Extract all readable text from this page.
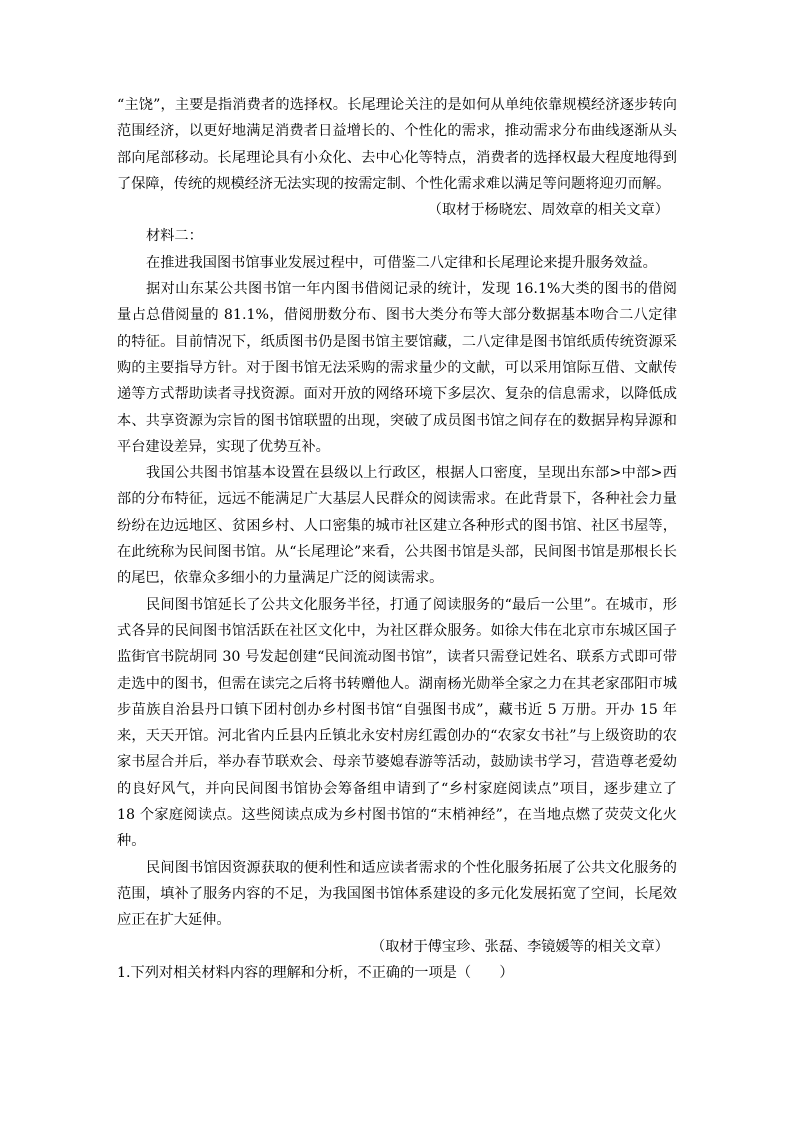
“主饶”，主要是指消费者的选择权。长尾理论关注的是如何从单纯依靠规模经济逐步转向范围经济，以更好地满足消费者日益增长的、个性化的需求，推动需求分布曲线逐渐从头部向尾部移动。长尾理论具有小众化、去中心化等特点，消费者的选择权最大程度地得到了保障，传统的规模经济无法实现的按需定制、个性化需求难以满足等问题将迎刃而解。

（取材于杨晓宏、周效章的相关文章）

材料二：

在推进我国图书馆事业发展过程中，可借鉴二八定律和长尾理论来提升服务效益。

据对山东某公共图书馆一年内图书借阅记录的统计，发现 16.1%大类的图书的借阅量占总借阅量的 81.1%，借阅册数分布、图书大类分布等大部分数据基本吻合二八定律的特征。目前情况下，纸质图书仍是图书馆主要馆藏，二八定律是图书馆纸质传统资源采购的主要指导方针。对于图书馆无法采购的需求量少的文献，可以采用馆际互借、文献传递等方式帮助读者寻找资源。面对开放的网络环境下多层次、复杂的信息需求，以降低成本、共享资源为宗旨的图书馆联盟的出现，突破了成员图书馆之间存在的数据异构异源和平台建设差异，实现了优势互补。

我国公共图书馆基本设置在县级以上行政区，根据人口密度，呈现出东部>中部>西部的分布特征，远远不能满足广大基层人民群众的阅读需求。在此背景下，各种社会力量纷纷在边远地区、贫困乡村、人口密集的城市社区建立各种形式的图书馆、社区书屋等，在此统称为民间图书馆。从“长尾理论”来看，公共图书馆是头部，民间图书馆是那根长长的尾巴，依靠众多细小的力量满足广泛的阅读需求。

民间图书馆延长了公共文化服务半径，打通了阅读服务的“最后一公里”。在城市，形式各异的民间图书馆活跃在社区文化中，为社区群众服务。如徐大伟在北京市东城区国子监街官书院胡同 30 号发起创建“民间流动图书馆”，读者只需登记姓名、联系方式即可带走选中的图书，但需在读完之后将书转赠他人。湖南杨光勋举全家之力在其老家邵阳市城步苗族自治县丹口镇下团村创办乡村图书馆“自强图书成”，藏书近 5 万册。开办 15 年来，天天开馆。河北省内丘县内丘镇北永安村房红霞创办的“农家女书社”与上级资助的农家书屋合并后，举办春节联欢会、母亲节婆媳春游等活动，鼓励读书学习，营造尊老爱幼的良好风气，并向民间图书馆协会筹备组申请到了“乡村家庭阅读点”项目，逐步建立了 18 个家庭阅读点。这些阅读点成为乡村图书馆的“末梢神经”，在当地点燃了荧荧文化火种。

民间图书馆因资源获取的便利性和适应读者需求的个性化服务拓展了公共文化服务的范围，填补了服务内容的不足，为我国图书馆体系建设的多元化发展拓宽了空间，长尾效应正在扩大延伸。

（取材于傅宝珍、张磊、李镜媛等的相关文章）

1.下列对相关材料内容的理解和分析，不正确的一项是（　　）
